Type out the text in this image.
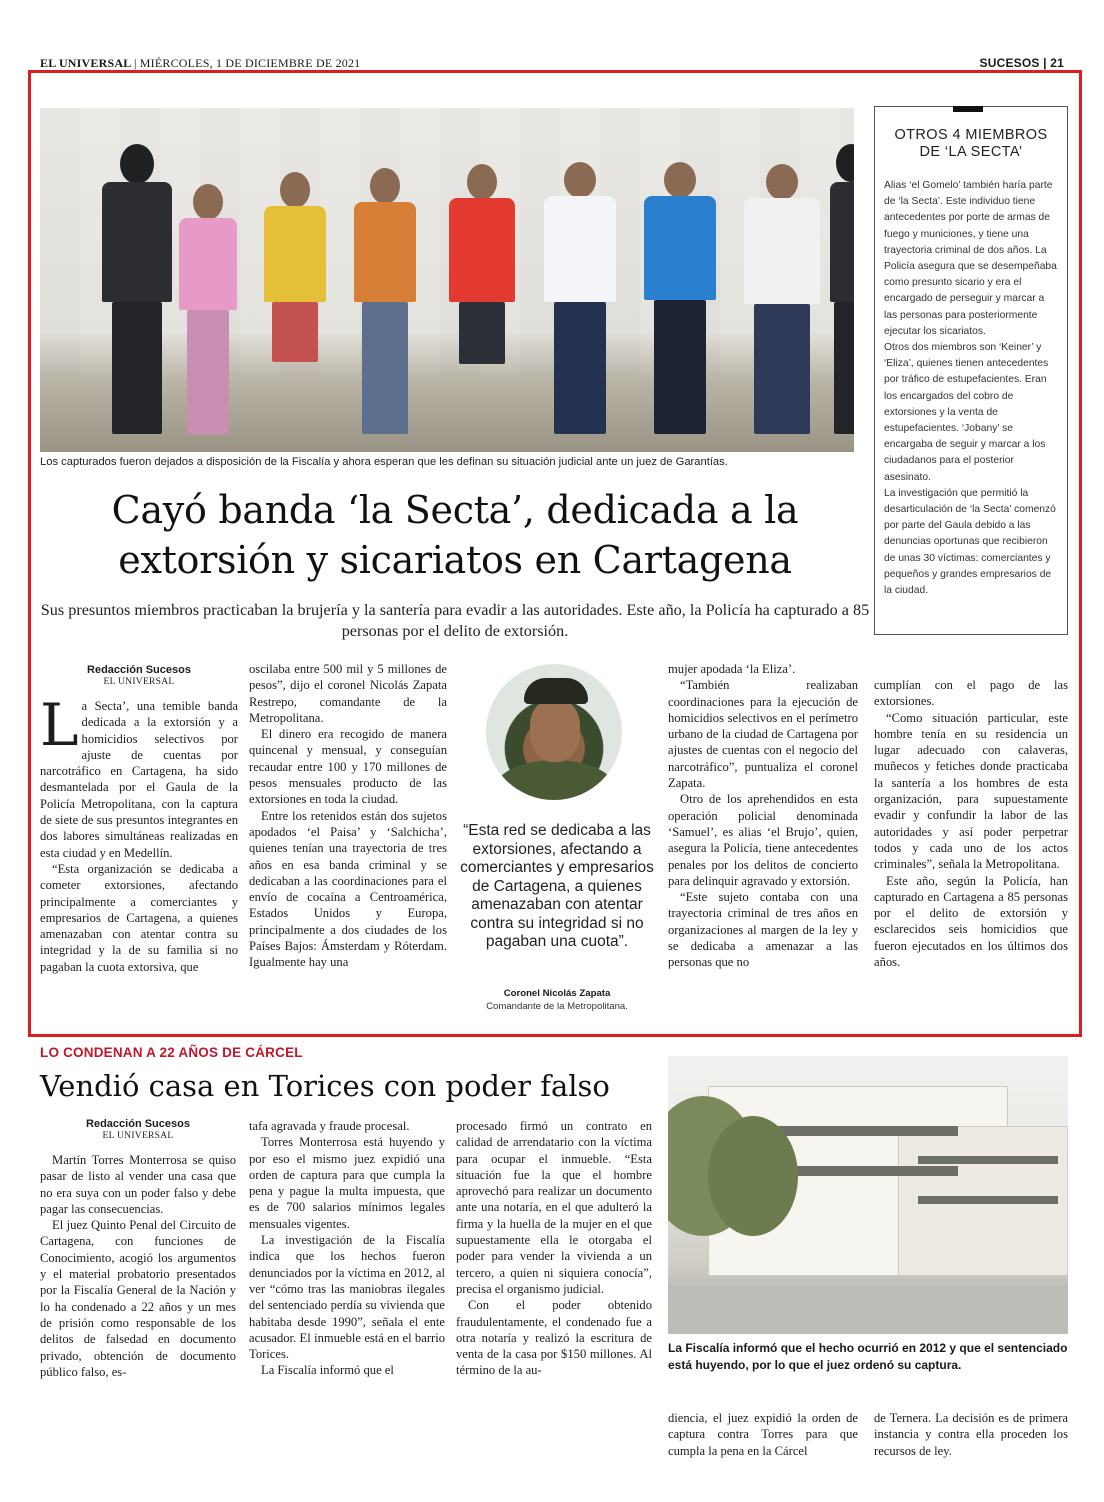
EL UNIVERSAL | MIÉRCOLES, 1 DE DICIEMBRE DE 2021	SUCESOS | 21
Los capturados fueron dejados a disposición de la Fiscalía y ahora esperan que les definan su situación judicial ante un juez de Garantías.
OTROS 4 MIEMBROS DE ‘LA SECTA’

Alias ‘el Gomelo’ también haría parte de ‘la Secta’. Este individuo tiene antecedentes por porte de armas de fuego y municiones, y tiene una trayectoria criminal de dos años. La Policía asegura que se desempeñaba como presunto sicario y era el encargado de perseguir y marcar a las personas para posteriormente ejecutar los sicariatos.

Otros dos miembros son ‘Keiner’ y ‘Eliza’, quienes tienen antecedentes por tráfico de estupefacientes. Eran los encargados del cobro de extorsiones y la venta de estupefacientes. ‘Jobany’ se encargaba de seguir y marcar a los ciudadanos para el posterior asesinato.

La investigación que permitió la desarticulación de ‘la Secta’ comenzó por parte del Gaula debido a las denuncias oportunas que recibieron de unas 30 víctimas: comerciantes y pequeños y grandes empresarios de la ciudad.

Cayó banda ‘la Secta’, dedicada a la extorsión y sicariatos en Cartagena
Sus presuntos miembros practicaban la brujería y la santería para evadir a las autoridades. Este año, la Policía ha capturado a 85 personas por el delito de extorsión.
Redacción Sucesos
EL UNIVERSAL

La Secta’, una temible banda dedicada a la extorsión y a homicidios selectivos por ajuste de cuentas por narcotráfico en Cartagena, ha sido desmantelada por el Gaula de la Policía Metropolitana, con la captura de siete de sus presuntos integrantes en dos labores simultáneas realizadas en esta ciudad y en Medellín.

“Esta organización se dedicaba a cometer extorsiones, afectando principalmente a comerciantes y empresarios de Cartagena, a quienes amenazaban con atentar contra su integridad y la de su familia si no pagaban la cuota extorsiva, que

oscilaba entre 500 mil y 5 millones de pesos”, dijo el coronel Nicolás Zapata Restrepo, comandante de la Metropolitana.

El dinero era recogido de manera quincenal y mensual, y conseguían recaudar entre 100 y 170 millones de pesos mensuales producto de las extorsiones en toda la ciudad.

Entre los retenidos están dos sujetos apodados ‘el Paisa’ y ‘Salchicha’, quienes tenían una trayectoria de tres años en esa banda criminal y se dedicaban a las coordinaciones para el envío de cocaína a Centroamérica, Estados Unidos y Europa, principalmente a dos ciudades de los Países Bajos: Ámsterdam y Róterdam. Igualmente hay una

“Esta red se dedicaba a las extorsiones, afectando a comerciantes y empresarios de Cartagena, a quienes amenazaban con atentar contra su integridad si no pagaban una cuota”.
Coronel Nicolás Zapata
Comandante de la Metropolitana.

mujer apodada ‘la Eliza’.

“También realizaban coordinaciones para la ejecución de homicidios selectivos en el perímetro urbano de la ciudad de Cartagena por ajustes de cuentas con el negocio del narcotráfico”, puntualiza el coronel Zapata.

Otro de los aprehendidos en esta operación policial denominada ‘Samuel’, es alias ‘el Brujo’, quien, asegura la Policía, tiene antecedentes penales por los delitos de concierto para delinquir agravado y extorsión.

“Este sujeto contaba con una trayectoria criminal de tres años en organizaciones al margen de la ley y se dedicaba a amenazar a las personas que no

cumplían con el pago de las extorsiones.

“Como situación particular, este hombre tenía en su residencia un lugar adecuado con calaveras, muñecos y fetiches donde practicaba la santería a los hombres de esta organización, para supuestamente evadir y confundir la labor de las autoridades y así poder perpetrar todos y cada uno de los actos criminales”, señala la Metropolitana.

Este año, según la Policía, han capturado en Cartagena a 85 personas por el delito de extorsión y esclarecidos seis homicidios que fueron ejecutados en los últimos dos años.

LO CONDENAN A 22 AÑOS DE CÁRCEL
Vendió casa en Torices con poder falso
Redacción Sucesos
EL UNIVERSAL

Martín Torres Monterrosa se quiso pasar de listo al vender una casa que no era suya con un poder falso y debe pagar las consecuencias.

El juez Quinto Penal del Circuito de Cartagena, con funciones de Conocimiento, acogió los argumentos y el material probatorio presentados por la Fiscalía General de la Nación y lo ha condenado a 22 años y un mes de prisión como responsable de los delitos de falsedad en documento privado, obtención de documento público falso, es-

tafa agravada y fraude procesal.

Torres Monterrosa está huyendo y por eso el mismo juez expidió una orden de captura para que cumpla la pena y pague la multa impuesta, que es de 700 salarios mínimos legales mensuales vigentes.

La investigación de la Fiscalía indica que los hechos fueron denunciados por la víctima en 2012, al ver “cómo tras las maniobras ilegales del sentenciado perdía su vivienda que habitaba desde 1990”, señala el ente acusador. El inmueble está en el barrio Torices.

La Fiscalía informó que el

procesado firmó un contrato en calidad de arrendatario con la víctima para ocupar el inmueble. “Esta situación fue la que el hombre aprovechó para realizar un documento ante una notaría, en el que adulteró la firma y la huella de la mujer en el que supuestamente ella le otorgaba el poder para vender la vivienda a un tercero, a quien ni siquiera conocía”, precisa el organismo judicial.

Con el poder obtenido fraudulentamente, el condenado fue a otra notaría y realizó la escritura de venta de la casa por $150 millones. Al término de la au-

La Fiscalía informó que el hecho ocurrió en 2012 y que el sentenciado está huyendo, por lo que el juez ordenó su captura.

diencia, el juez expidió la orden de captura contra Torres para que cumpla la pena en la Cárcel

de Ternera. La decisión es de primera instancia y contra ella proceden los recursos de ley.
